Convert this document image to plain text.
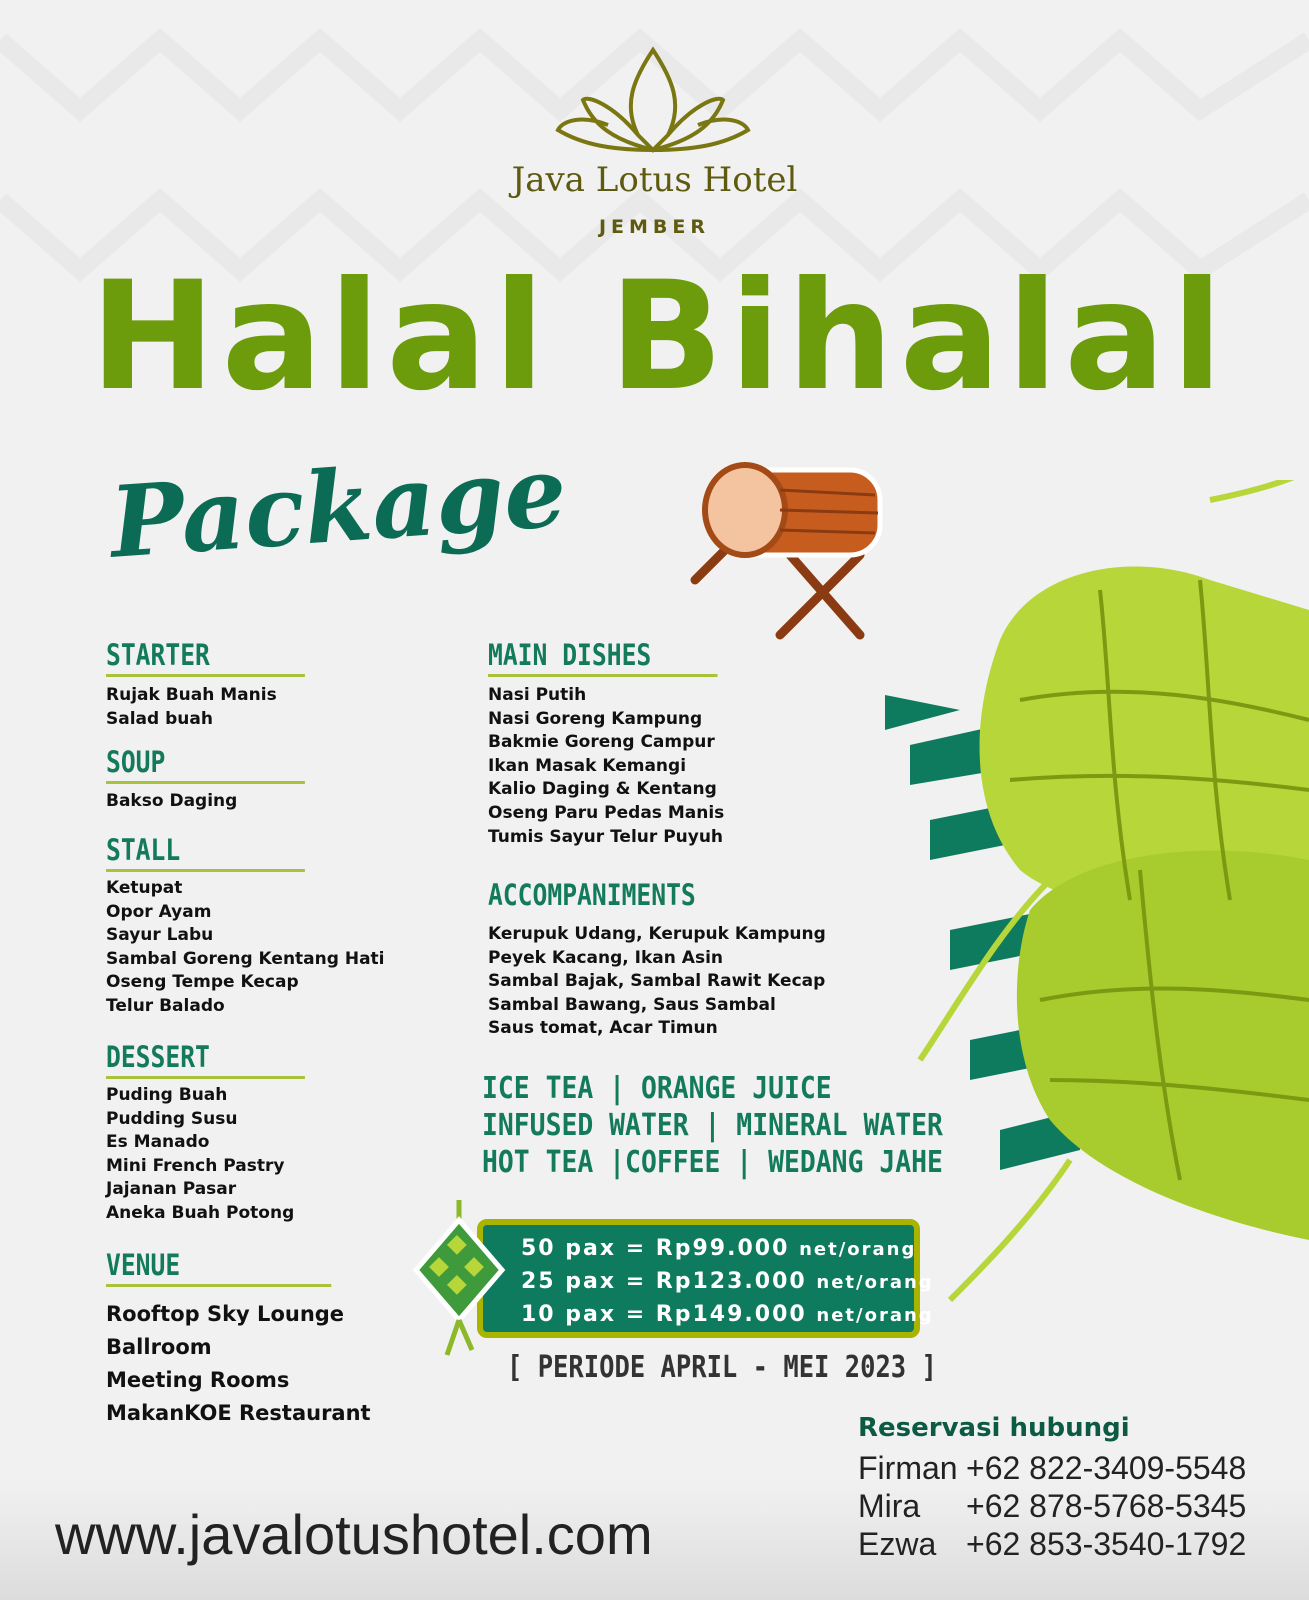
Java Lotus Hotel
JEMBER
Halal Bihalal
Package
STARTER
Rujak Buah Manis
Salad buah
SOUP
Bakso Daging
STALL
Ketupat
Opor Ayam
Sayur Labu
Sambal Goreng Kentang Hati
Oseng Tempe Kecap
Telur Balado
DESSERT
Puding Buah
Pudding Susu
Es Manado
Mini French Pastry
Jajanan Pasar
Aneka Buah Potong
VENUE
Rooftop Sky Lounge
Ballroom
Meeting Rooms
MakanKOE Restaurant
MAIN DISHES
Nasi Putih
Nasi Goreng Kampung
Bakmie Goreng Campur
Ikan Masak Kemangi
Kalio Daging & Kentang
Oseng Paru Pedas Manis
Tumis Sayur Telur Puyuh
ACCOMPANIMENTS
Kerupuk Udang, Kerupuk Kampung
Peyek Kacang, Ikan Asin
Sambal Bajak, Sambal Rawit Kecap
Sambal Bawang, Saus Sambal
Saus tomat, Acar Timun
ICE TEA | ORANGE JUICE
INFUSED WATER | MINERAL WATER
HOT TEA |COFFEE | WEDANG JAHE
50 pax = Rp99.000 net/orang
25 pax = Rp123.000 net/orang
10 pax = Rp149.000 net/orang
[ PERIODE APRIL - MEI 2023 ]
Reservasi hubungi
Firman +62 822-3409-5548
Mira +62 878-5768-5345
Ezwa +62 853-3540-1792
www.javalotushotel.com
